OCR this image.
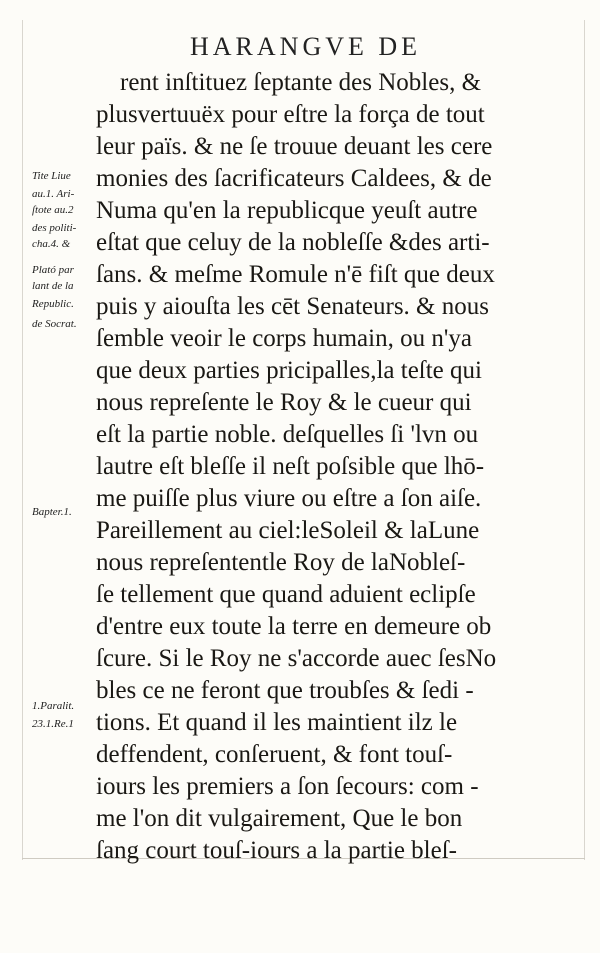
HARANGVE DE
rent inſtituez ſeptante des Nobles, &
plusvertuuëx pour eſtre la força de tout
leur païs. & ne ſe trouue deuant les cere
monies des ſacrificateurs Caldees, & de
Numa qu'en la republicque yeuſt autre
eſtat que celuy de la nobleſſe &des arti-
ſans. & meſme Romule n'ē fiſt que deux
puis y aiouſta les cēt Senateurs. & nous
ſemble veoir le corps humain, ou n'ya
que deux parties pricipalles,la teſte qui
nous repreſente le Roy & le cueur qui
eſt la partie noble. deſquelles ſi 'lvn ou
lautre eſt bleſſe il neſt poſsible que lhō-
me puiſſe plus viure ou eſtre a ſon aiſe.
Pareillement au ciel:leSoleil & laLune
nous repreſententle Roy de laNobleſ-
ſe tellement que quand aduient eclipſe
d'entre eux toute la terre en demeure ob
ſcure. Si le Roy ne s'accorde auec ſesNo
bles ce ne feront que troubſes & ſedi -
tions. Et quand il les maintient ilz le
deffendent, conſeruent, & font touſ-
iours les premiers a ſon ſecours: com -
me l'on dit vulgairement, Que le bon
ſang court touſ-iours a la partie bleſ-
Tite Liue
au.1. Ari-
ſtote au.2
des politi-
cha.4. &
Plató par
lant de la
Republic.
de Socrat.
Bapter.1.
1.Paralit.
23.1.Re.1
